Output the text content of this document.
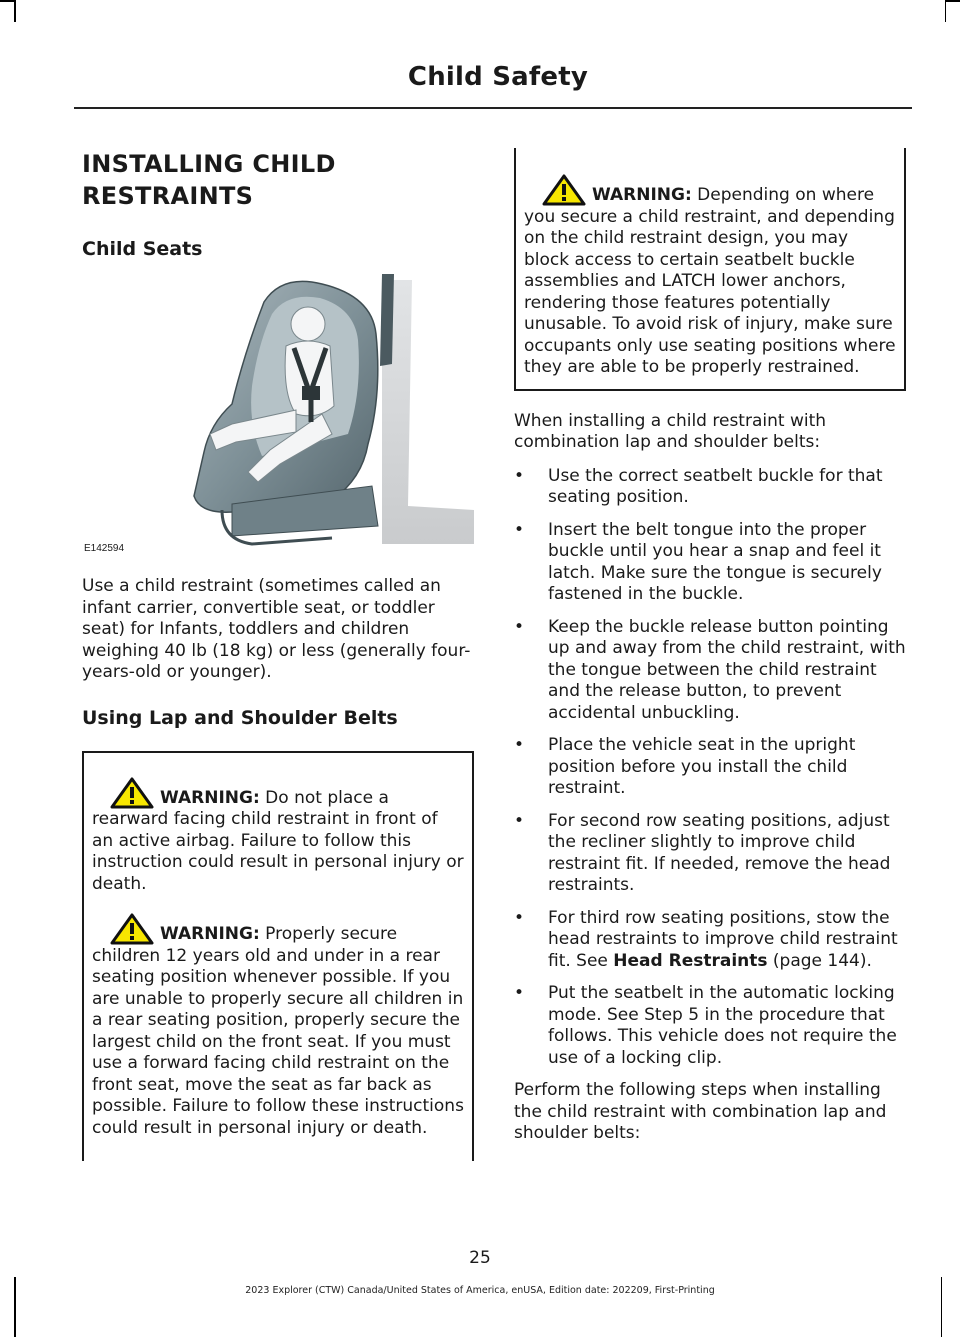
Child Safety
INSTALLING CHILD
RESTRAINTS
Child Seats
E142594

Use a child restraint (sometimes called an infant carrier, convertible seat, or toddler seat) for Infants, toddlers and children weighing 40 lb (18 kg) or less (generally four-years-old or younger).

Using Lap and Shoulder Belts

WARNING: Do not place a rearward facing child restraint in front of an active airbag. Failure to follow this instruction could result in personal injury or death.

WARNING: Properly secure children 12 years old and under in a rear seating position whenever possible. If you are unable to properly secure all children in a rear seating position, properly secure the largest child on the front seat. If you must use a forward facing child restraint on the front seat, move the seat as far back as possible. Failure to follow these instructions could result in personal injury or death.

WARNING: Depending on where you secure a child restraint, and depending on the child restraint design, you may block access to certain seatbelt buckle assemblies and LATCH lower anchors, rendering those features potentially unusable. To avoid risk of injury, make sure occupants only use seating positions where they are able to be properly restrained.

When installing a child restraint with combination lap and shoulder belts:

• Use the correct seatbelt buckle for that seating position.
• Insert the belt tongue into the proper buckle until you hear a snap and feel it latch. Make sure the tongue is securely fastened in the buckle.
• Keep the buckle release button pointing up and away from the child restraint, with the tongue between the child restraint and the release button, to prevent accidental unbuckling.
• Place the vehicle seat in the upright position before you install the child restraint.
• For second row seating positions, adjust the recliner slightly to improve child restraint fit. If needed, remove the head restraints.
• For third row seating positions, stow the head restraints to improve child restraint fit. See Head Restraints (page 144).
• Put the seatbelt in the automatic locking mode. See Step 5 in the procedure that follows. This vehicle does not require the use of a locking clip.

Perform the following steps when installing the child restraint with combination lap and shoulder belts:

25
2023 Explorer (CTW) Canada/United States of America, enUSA, Edition date: 202209, First-Printing
